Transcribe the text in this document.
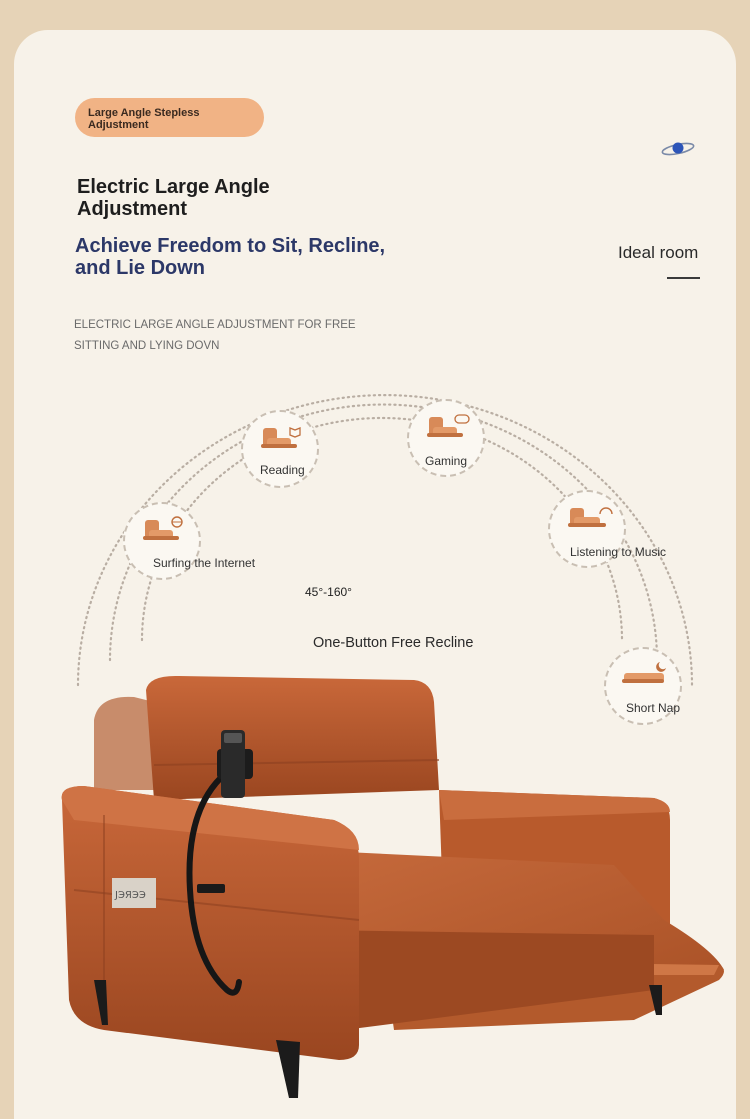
Large Angle Stepless
Adjustment
Electric Large Angle
Adjustment
Achieve Freedom to Sit, Recline,
and Lie Down
ELECTRIC LARGE ANGLE ADJUSTMENT FOR FREE
SITTING AND LYING DOVN
Ideal room
Surfing the Internet
Reading
Gaming
Listening to Music
Short Nap
45°-160°
One-Button Free Recline
ЈЭЯЭЭ
